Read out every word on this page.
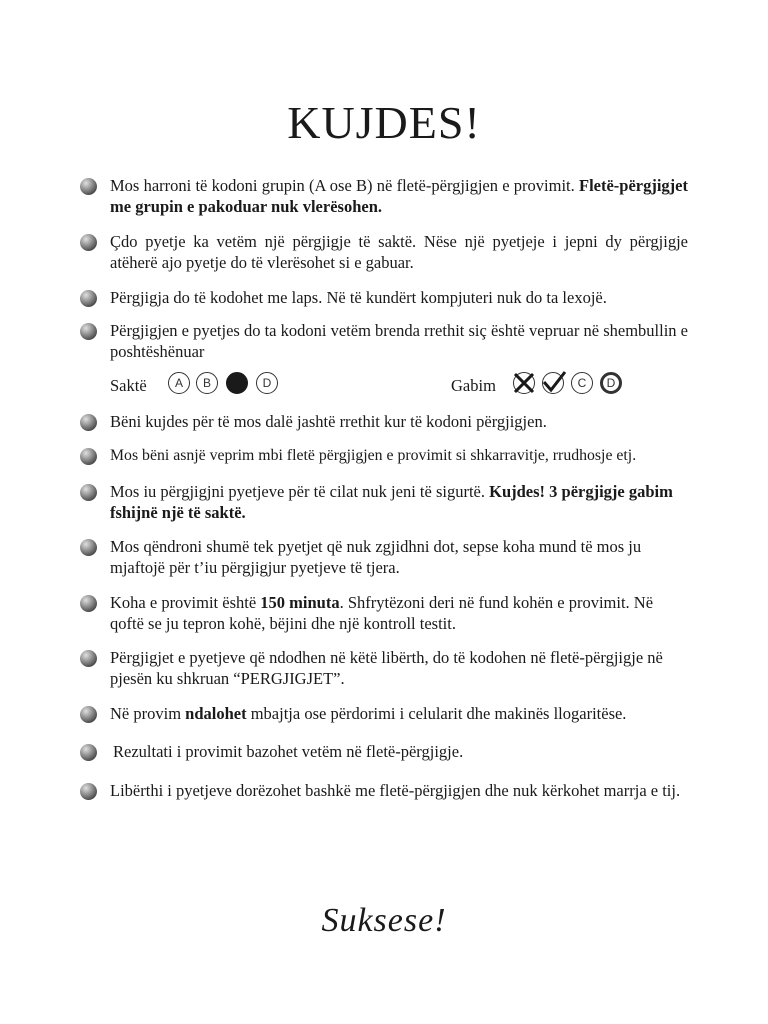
KUJDES!
Mos harroni të kodoni grupin (A ose B) në fletë-përgjigjen e provimit. Fletë-përgjigjet me grupin e pakoduar nuk vlerësohen.
Çdo pyetje ka vetëm një përgjigje të saktë. Nëse një pyetjeje i jepni dy përgjigje atëherë ajo pyetje do të vlerësohet si e gabuar.
Përgjigja do të kodohet me laps. Në të kundërt kompjuteri nuk do ta lexojë.
Përgjigjen e pyetjes do ta kodoni vetëm brenda rrethit siç është vepruar në shembullin e poshtëshënuar
Saktë	A	B	D	Gabim	C	D
Bëni kujdes për të mos dalë jashtë rrethit kur të kodoni përgjigjen.
Mos bëni asnjë veprim mbi fletë përgjigjen e provimit si shkarravitje, rrudhosje etj.
Mos iu përgjigjni pyetjeve për të cilat nuk jeni të sigurtë. Kujdes! 3 përgjigje gabim fshijnë një të saktë.
Mos qëndroni shumë tek pyetjet që nuk zgjidhni dot, sepse koha mund të mos ju mjaftojë për t’iu përgjigjur pyetjeve të tjera.
Koha e provimit është 150 minuta. Shfrytëzoni deri në fund kohën e provimit. Në qoftë se ju tepron kohë, bëjini dhe një kontroll testit.
Përgjigjet e pyetjeve që ndodhen në këtë libërth, do të kodohen në fletë-përgjigje në pjesën ku shkruan “PERGJIGJET”.
Në provim ndalohet mbajtja ose përdorimi i celularit dhe makinës llogaritëse.
Rezultati i provimit bazohet vetëm në fletë-përgjigje.
Libërthi i pyetjeve dorëzohet bashkë me fletë-përgjigjen dhe nuk kërkohet marrja e tij.
Suksese!
